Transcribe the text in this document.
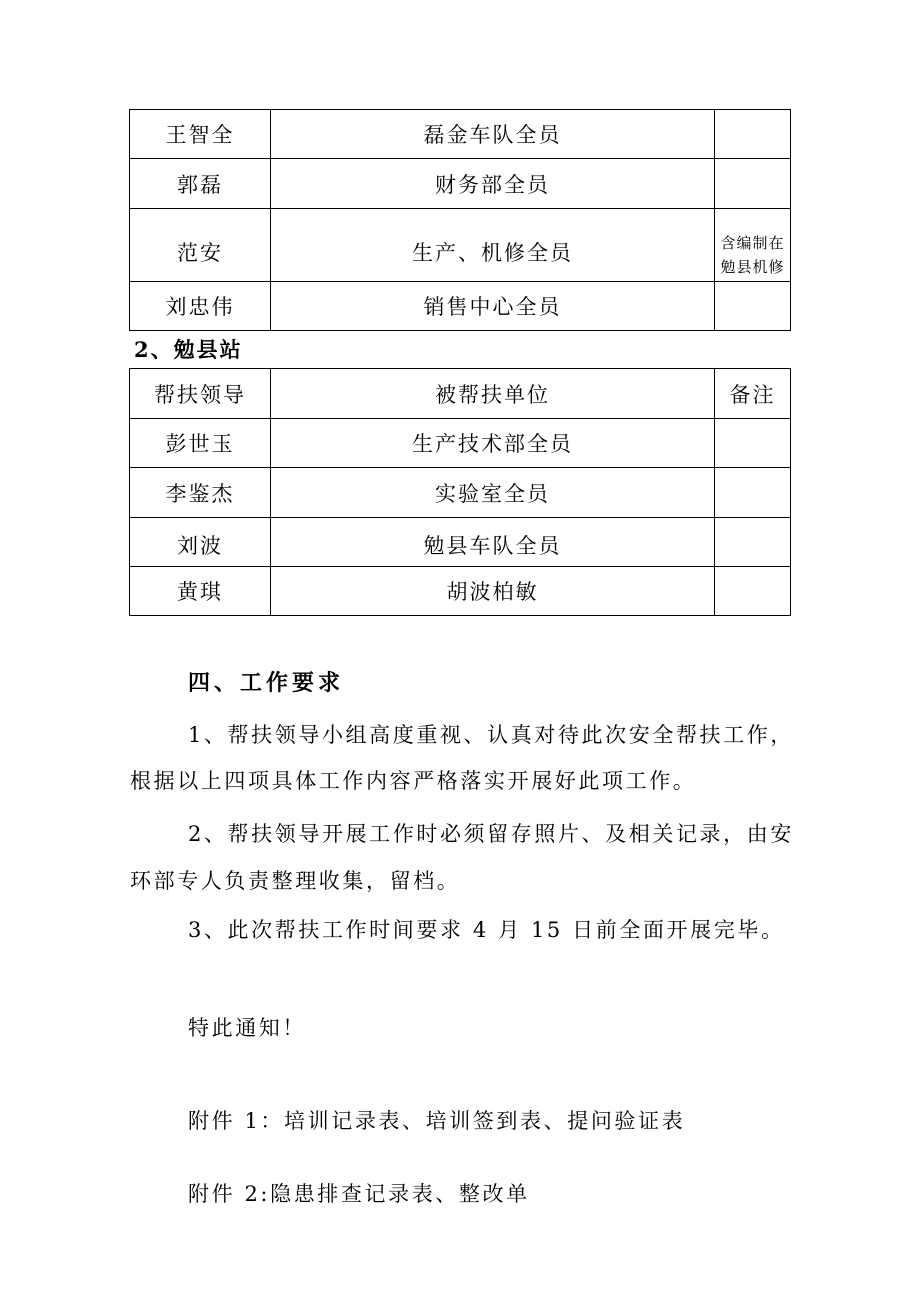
王智全	磊金车队全员	
郭磊	财务部全员	
范安	生产、机修全员	含编制在勉县机修
刘忠伟	销售中心全员	
2、勉县站
帮扶领导	被帮扶单位	备注
彭世玉	生产技术部全员	
李鉴杰	实验室全员	
刘波	勉县车队全员	
黄琪	胡波柏敏	
四、工作要求
1、帮扶领导小组高度重视、认真对待此次安全帮扶工作，
根据以上四项具体工作内容严格落实开展好此项工作。
2、帮扶领导开展工作时必须留存照片、及相关记录，由安
环部专人负责整理收集，留档。
3、此次帮扶工作时间要求 4 月 15 日前全面开展完毕。
特此通知！
附件 1：培训记录表、培训签到表、提问验证表
附件 2:隐患排查记录表、整改单
